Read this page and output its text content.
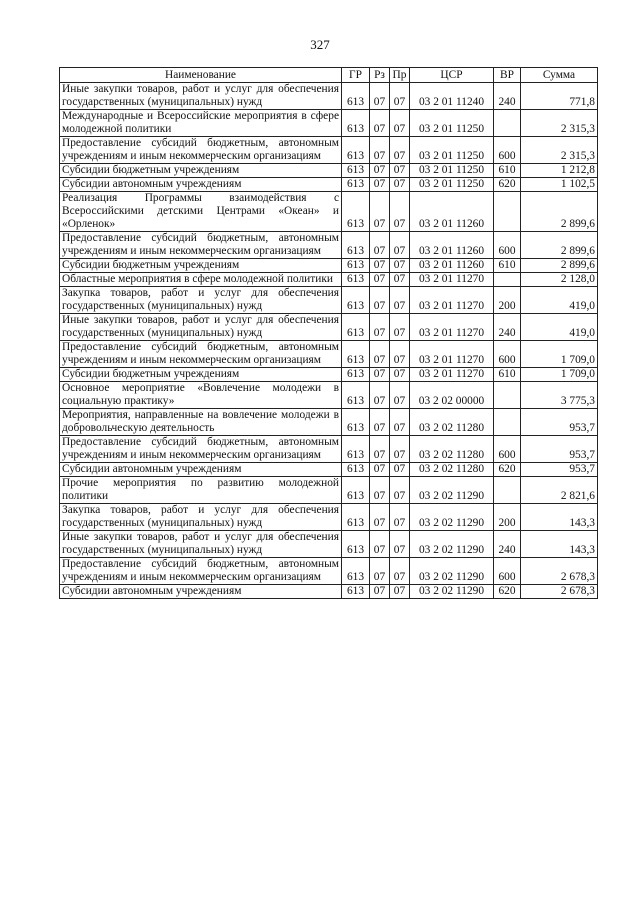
327
Наименование	ГР	Рз	Пр	ЦСР	ВР	Сумма
Иные закупки товаров, работ и услуг для обеспечения государственных (муниципальных) нужд	613	07	07	03 2 01 11240	240	771,8
Международные и Всероссийские мероприятия в сфере молодежной политики	613	07	07	03 2 01 11250		2 315,3
Предоставление субсидий бюджетным, автономным учреждениям и иным некоммерческим организациям	613	07	07	03 2 01 11250	600	2 315,3
Субсидии бюджетным учреждениям	613	07	07	03 2 01 11250	610	1 212,8
Субсидии автономным учреждениям	613	07	07	03 2 01 11250	620	1 102,5
Реализация Программы взаимодействия с Всероссийскими детскими Центрами «Океан» и «Орленок»	613	07	07	03 2 01 11260		2 899,6
Предоставление субсидий бюджетным, автономным учреждениям и иным некоммерческим организациям	613	07	07	03 2 01 11260	600	2 899,6
Субсидии бюджетным учреждениям	613	07	07	03 2 01 11260	610	2 899,6
Областные мероприятия в сфере молодежной политики	613	07	07	03 2 01 11270		2 128,0
Закупка товаров, работ и услуг для обеспечения государственных (муниципальных) нужд	613	07	07	03 2 01 11270	200	419,0
Иные закупки товаров, работ и услуг для обеспечения государственных (муниципальных) нужд	613	07	07	03 2 01 11270	240	419,0
Предоставление субсидий бюджетным, автономным учреждениям и иным некоммерческим организациям	613	07	07	03 2 01 11270	600	1 709,0
Субсидии бюджетным учреждениям	613	07	07	03 2 01 11270	610	1 709,0
Основное мероприятие «Вовлечение молодежи в социальную практику»	613	07	07	03 2 02 00000		3 775,3
Мероприятия, направленные на вовлечение молодежи в добровольческую деятельность	613	07	07	03 2 02 11280		953,7
Предоставление субсидий бюджетным, автономным учреждениям и иным некоммерческим организациям	613	07	07	03 2 02 11280	600	953,7
Субсидии автономным учреждениям	613	07	07	03 2 02 11280	620	953,7
Прочие мероприятия по развитию молодежной политики	613	07	07	03 2 02 11290		2 821,6
Закупка товаров, работ и услуг для обеспечения государственных (муниципальных) нужд	613	07	07	03 2 02 11290	200	143,3
Иные закупки товаров, работ и услуг для обеспечения государственных (муниципальных) нужд	613	07	07	03 2 02 11290	240	143,3
Предоставление субсидий бюджетным, автономным учреждениям и иным некоммерческим организациям	613	07	07	03 2 02 11290	600	2 678,3
Субсидии автономным учреждениям	613	07	07	03 2 02 11290	620	2 678,3
